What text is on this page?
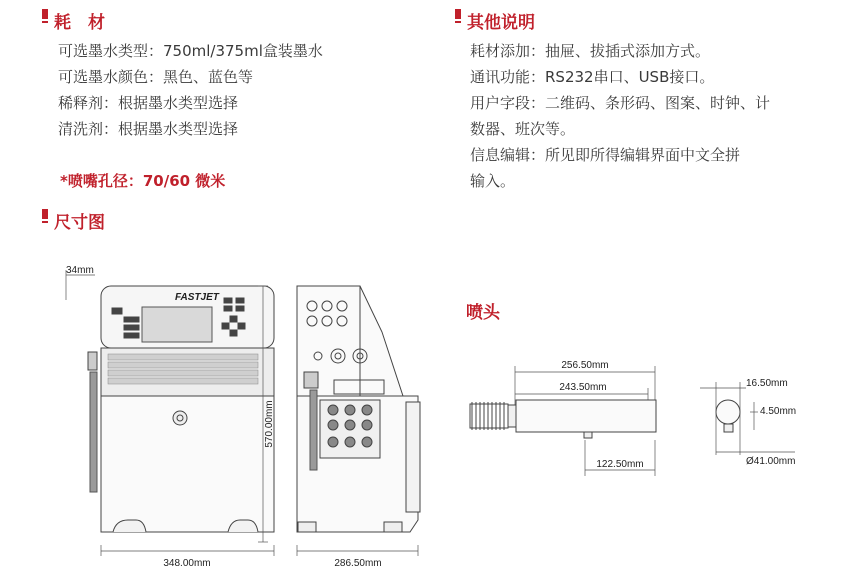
耗　材
可选墨水类型：750ml/375ml盒装墨水
可选墨水颜色：黑色、蓝色等
稀释剂：根据墨水类型选择
清洗剂：根据墨水类型选择
*喷嘴孔径：70/60 微米
其他说明
耗材添加：抽屉、拔插式添加方式。
通讯功能：RS232串口、USB接口。
用户字段：二维码、条形码、图案、时钟、计
数器、班次等。
信息编辑：所见即所得编辑界面中文全拼
输入。
尺寸图
喷头
34mm
FASTJET
570.00mm
348.00mm	286.50mm
256.50mm
243.50mm
122.50mm
16.50mm
4.50mm
Ø41.00mm
